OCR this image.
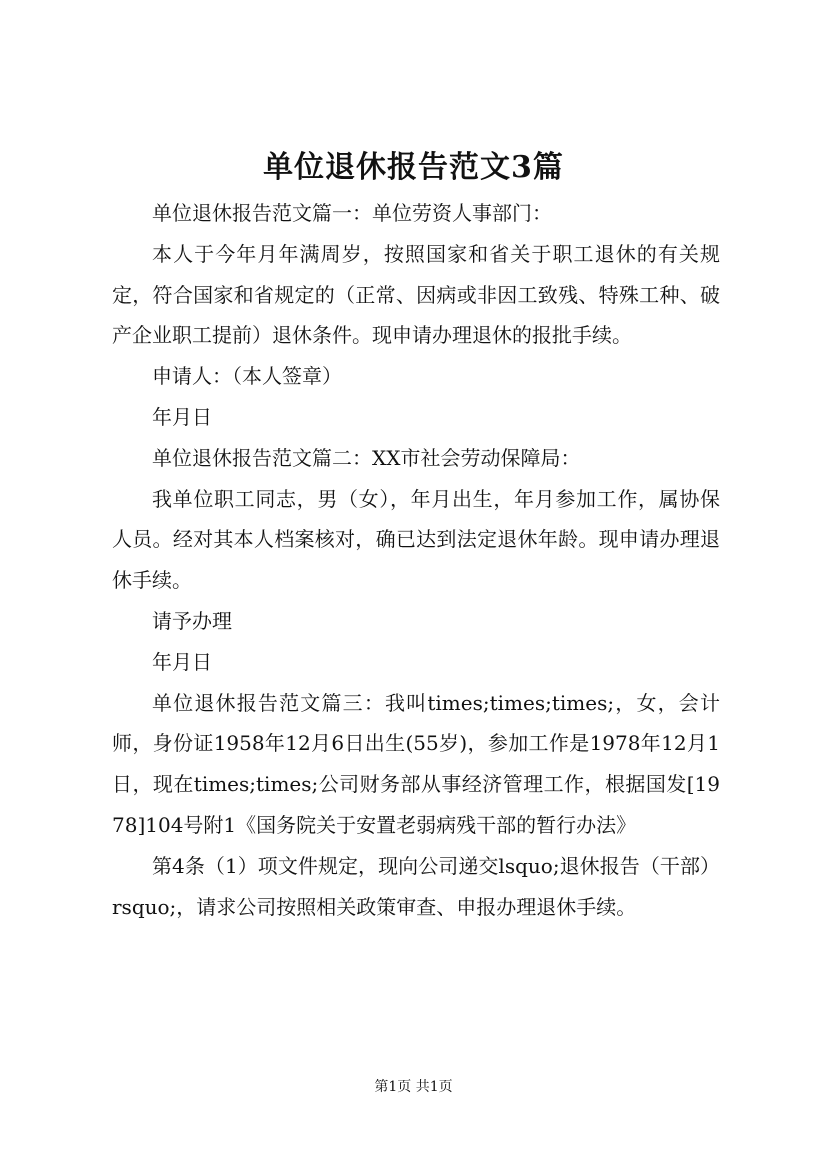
单位退休报告范文3篇

单位退休报告范文篇一：单位劳资人事部门：

本人于今年月年满周岁，按照国家和省关于职工退休的有关规定，符合国家和省规定的（正常、因病或非因工致残、特殊工种、破产企业职工提前）退休条件。现申请办理退休的报批手续。

申请人：（本人签章）

年月日

单位退休报告范文篇二：XX市社会劳动保障局：

我单位职工同志，男（女），年月出生，年月参加工作，属协保人员。经对其本人档案核对，确已达到法定退休年龄。现申请办理退休手续。

请予办理

年月日

单位退休报告范文篇三：我叫times;times;times;，女，会计师，身份证1958年12月6日出生(55岁)，参加工作是1978年12月1日，现在times;times;公司财务部从事经济管理工作，根据国发[1978]104号附1《国务院关于安置老弱病残干部的暂行办法》

第4条（1）项文件规定，现向公司递交lsquo;退休报告（干部）rsquo;，请求公司按照相关政策审查、申报办理退休手续。

第1页 共1页
